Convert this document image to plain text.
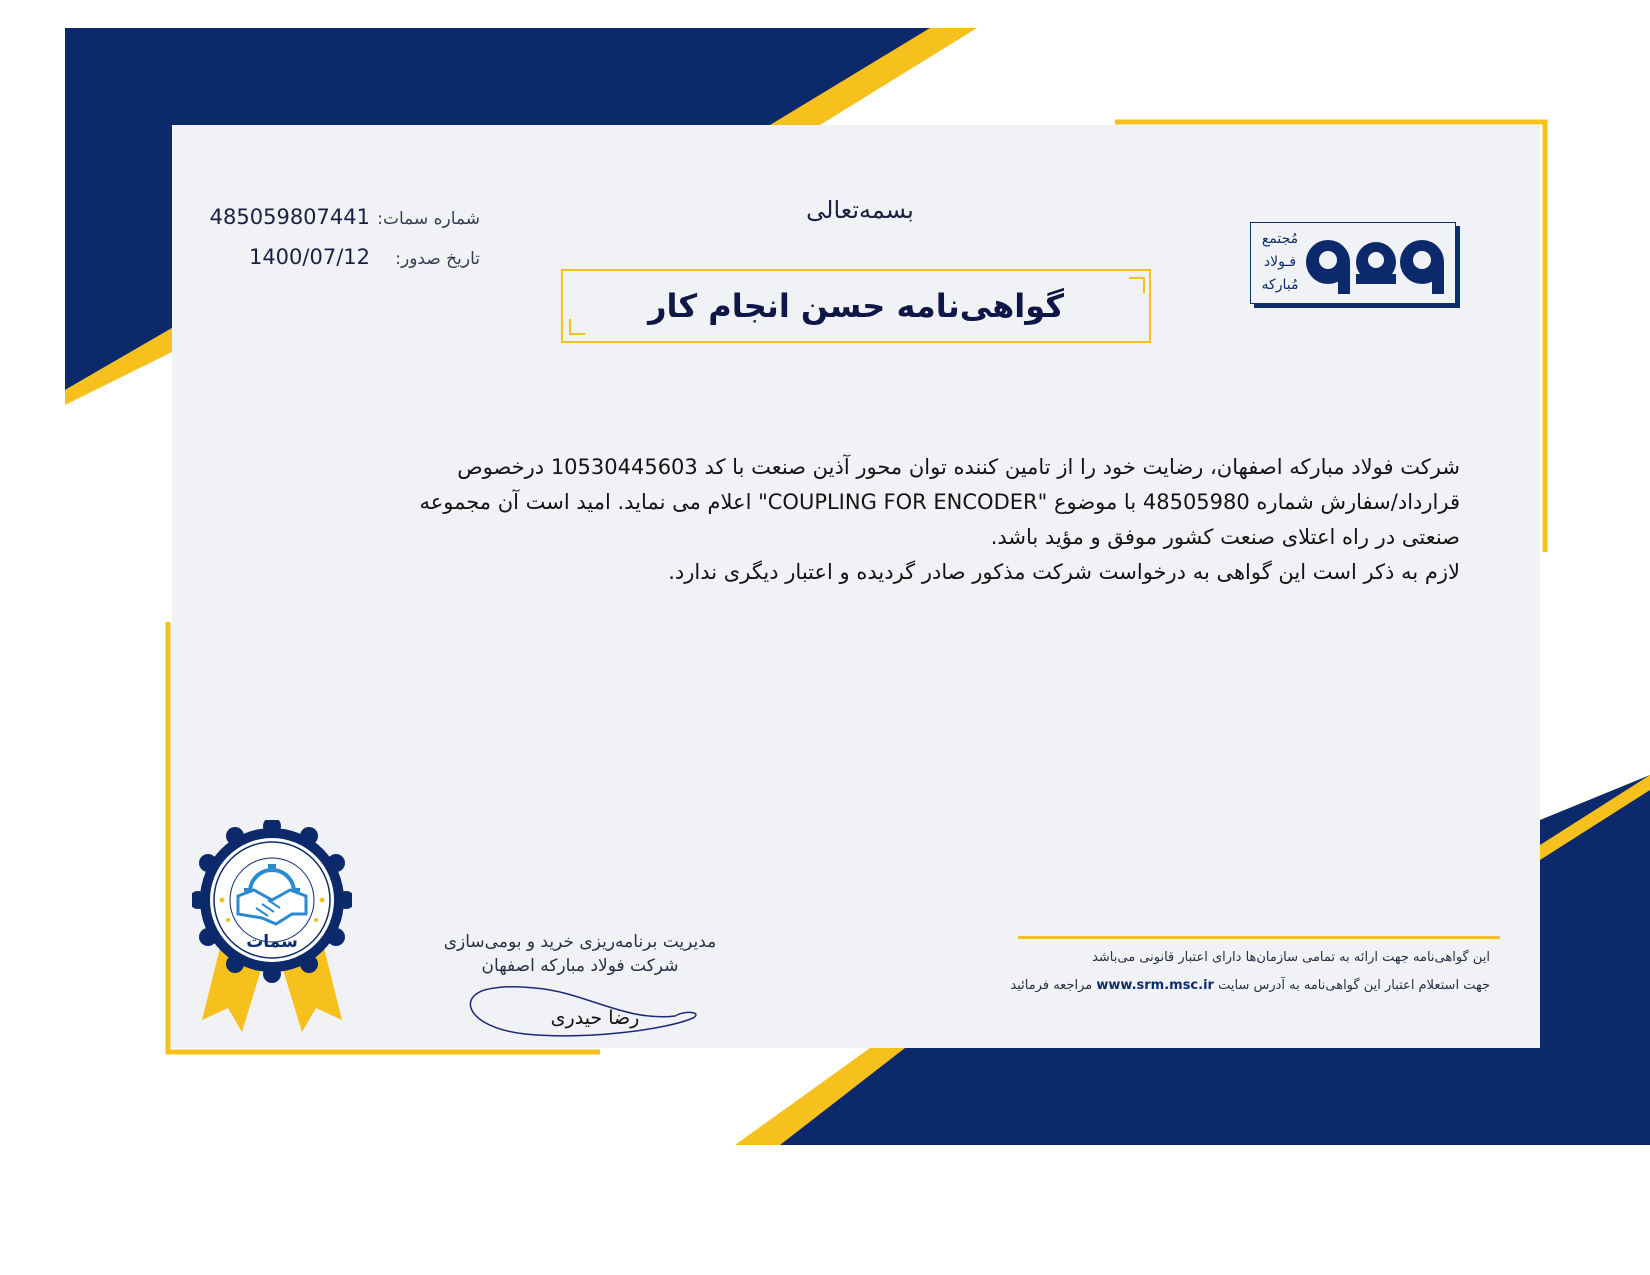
بسمه‌تعالی
گواهی‌نامه حسن انجام کار
شماره سمات:
485059807441
تاریخ صدور:
1400/07/12
مُجتمع
فـولاد
مُبارکه

شرکت فولاد مبارکه اصفهان، رضایت خود را از تامین کننده توان محور آذین صنعت با کد 10530445603 درخصوص

قرارداد/سفارش شماره 48505980 با موضوع "COUPLING FOR ENCODER" اعلام می نماید. امید است آن مجموعه

صنعتی در راه اعتلای صنعت کشور موفق و مؤید باشد.

لازم به ذکر است این گواهی به درخواست شرکت مذکور صادر گردیده و اعتبار دیگری ندارد.

سمات	مدیریت برنامه‌ریزی خرید و بومی‌سازی
شرکت فولاد مبارکه اصفهان
رضا حیدری
این گواهی‌نامه جهت ارائه به تمامی سازمان‌ها دارای اعتبار قانونی می‌باشد
جهت استعلام اعتبار این گواهی‌نامه به آدرس سایت www.srm.msc.ir مراجعه فرمائید
